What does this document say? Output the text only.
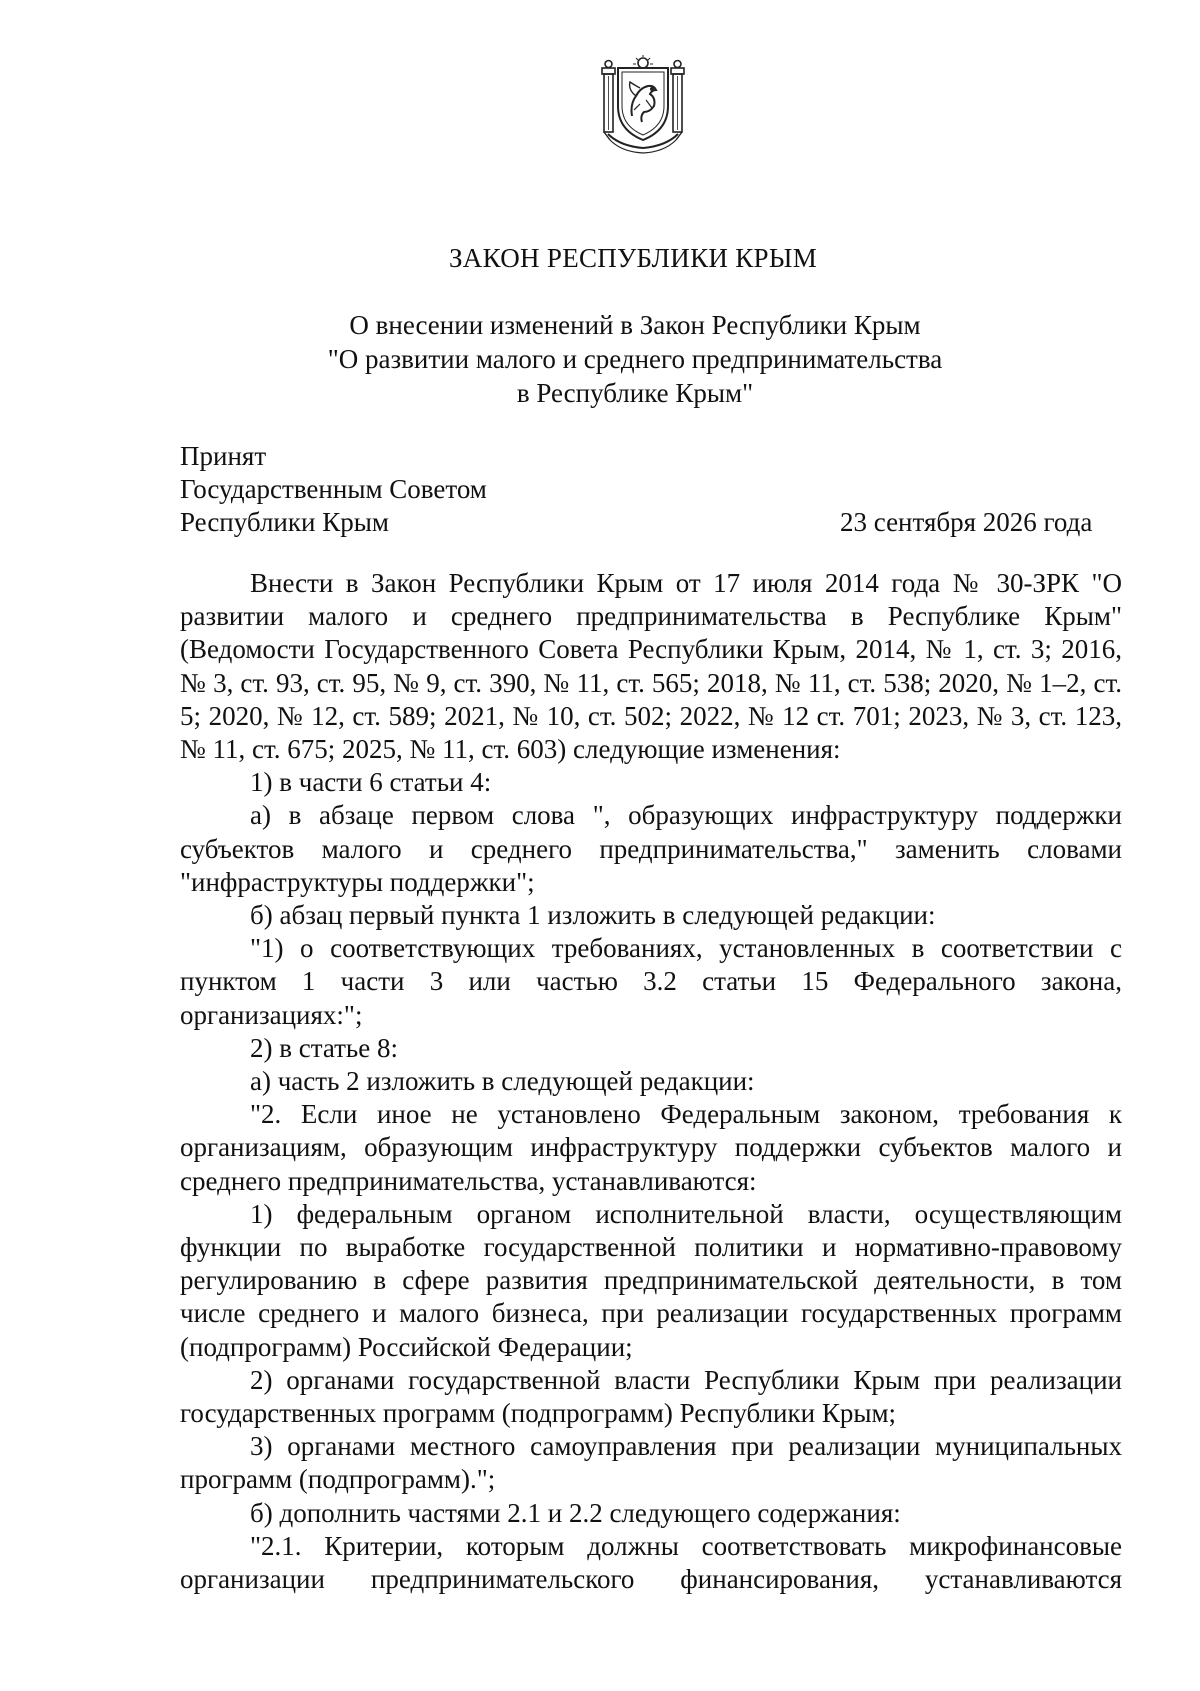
ЗАКОН РЕСПУБЛИКИ КРЫМ
О внесении изменений в Закон Республики Крым
"О развитии малого и среднего предпринимательства
в Республике Крым"
Принят
Государственным Советом
Республики Крым	23 сентября 2026 года

Внести в Закон Республики Крым от 17 июля 2014 года № 30-ЗРК "О развитии малого и среднего предпринимательства в Республике Крым" (Ведомости Государственного Совета Республики Крым, 2014, № 1, ст. 3; 2016, № 3, ст. 93, ст. 95, № 9, ст. 390, № 11, ст. 565; 2018, № 11, ст. 538; 2020, № 1–2, ст. 5; 2020, № 12, ст. 589; 2021, № 10, ст. 502; 2022, № 12 ст. 701; 2023, № 3, ст. 123, № 11, ст. 675; 2025, № 11, ст. 603) следующие изменения:

1) в части 6 статьи 4:

а) в абзаце первом слова ", образующих инфраструктуру поддержки субъектов малого и среднего предпринимательства," заменить словами "инфраструктуры поддержки";

б) абзац первый пункта 1 изложить в следующей редакции:

"1) о соответствующих требованиях, установленных в соответствии с пунктом 1 части 3 или частью 3.2 статьи 15 Федерального закона, организациях:";

2) в статье 8:

а) часть 2 изложить в следующей редакции:

"2. Если иное не установлено Федеральным законом, требования к организациям, образующим инфраструктуру поддержки субъектов малого и среднего предпринимательства, устанавливаются:

1) федеральным органом исполнительной власти, осуществляющим функции по выработке государственной политики и нормативно-правовому регулированию в сфере развития предпринимательской деятельности, в том числе среднего и малого бизнеса, при реализации государственных программ (подпрограмм) Российской Федерации;

2) органами государственной власти Республики Крым при реализации государственных программ (подпрограмм) Республики Крым;

3) органами местного самоуправления при реализации муниципальных программ (подпрограмм).";

б) дополнить частями 2.1 и 2.2 следующего содержания:

"2.1. Критерии, которым должны соответствовать микрофинансовые организации предпринимательского финансирования, устанавливаются
